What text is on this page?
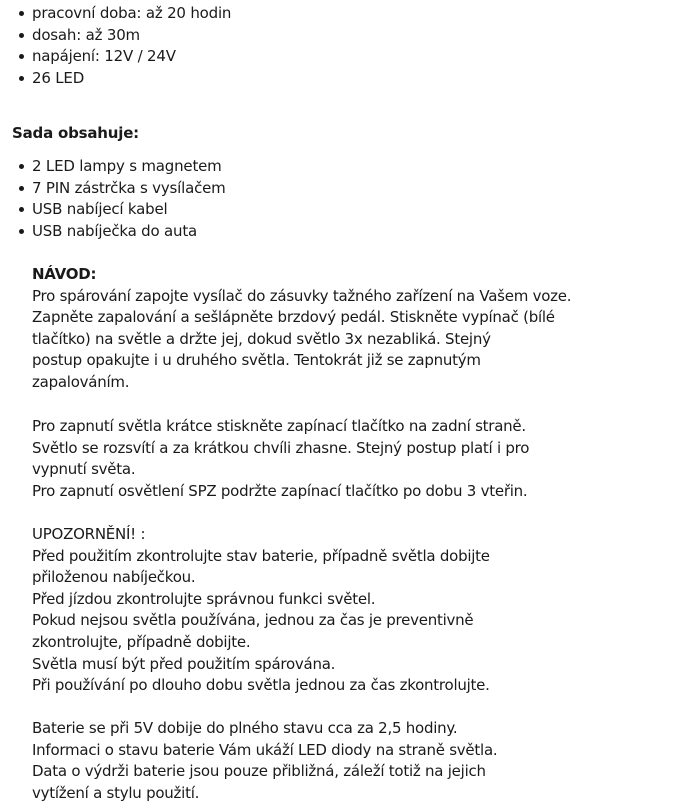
pracovní doba: až 20 hodin
dosah: až 30m
napájení: 12V / 24V
26 LED
Sada obsahuje:
2 LED lampy s magnetem
7 PIN zástrčka s vysílačem
USB nabíjecí kabel
USB nabíječka do auta
NÁVOD:
Pro spárování zapojte vysílač do zásuvky tažného zařízení na Vašem voze.
Zapněte zapalování a sešlápněte brzdový pedál. Stiskněte vypínač (bílé
tlačítko) na světle a držte jej, dokud světlo 3x nezabliká. Stejný
postup opakujte i u druhého světla. Tentokrát již se zapnutým
zapalováním.
Pro zapnutí světla krátce stiskněte zapínací tlačítko na zadní straně.
Světlo se rozsvítí a za krátkou chvíli zhasne. Stejný postup platí i pro
vypnutí světa.
Pro zapnutí osvětlení SPZ podržte zapínací tlačítko po dobu 3 vteřin.
UPOZORNĚNÍ! :
Před použitím zkontrolujte stav baterie, případně světla dobijte
přiloženou nabíječkou.
Před jízdou zkontrolujte správnou funkci světel.
Pokud nejsou světla používána, jednou za čas je preventivně
zkontrolujte, případně dobijte.
Světla musí být před použitím spárována.
Při používání po dlouho dobu světla jednou za čas zkontrolujte.
Baterie se při 5V dobije do plného stavu cca za 2,5 hodiny.
Informaci o stavu baterie Vám ukáží LED diody na straně světla.
Data o výdrži baterie jsou pouze přibližná, záleží totiž na jejich
vytížení a stylu použití.
